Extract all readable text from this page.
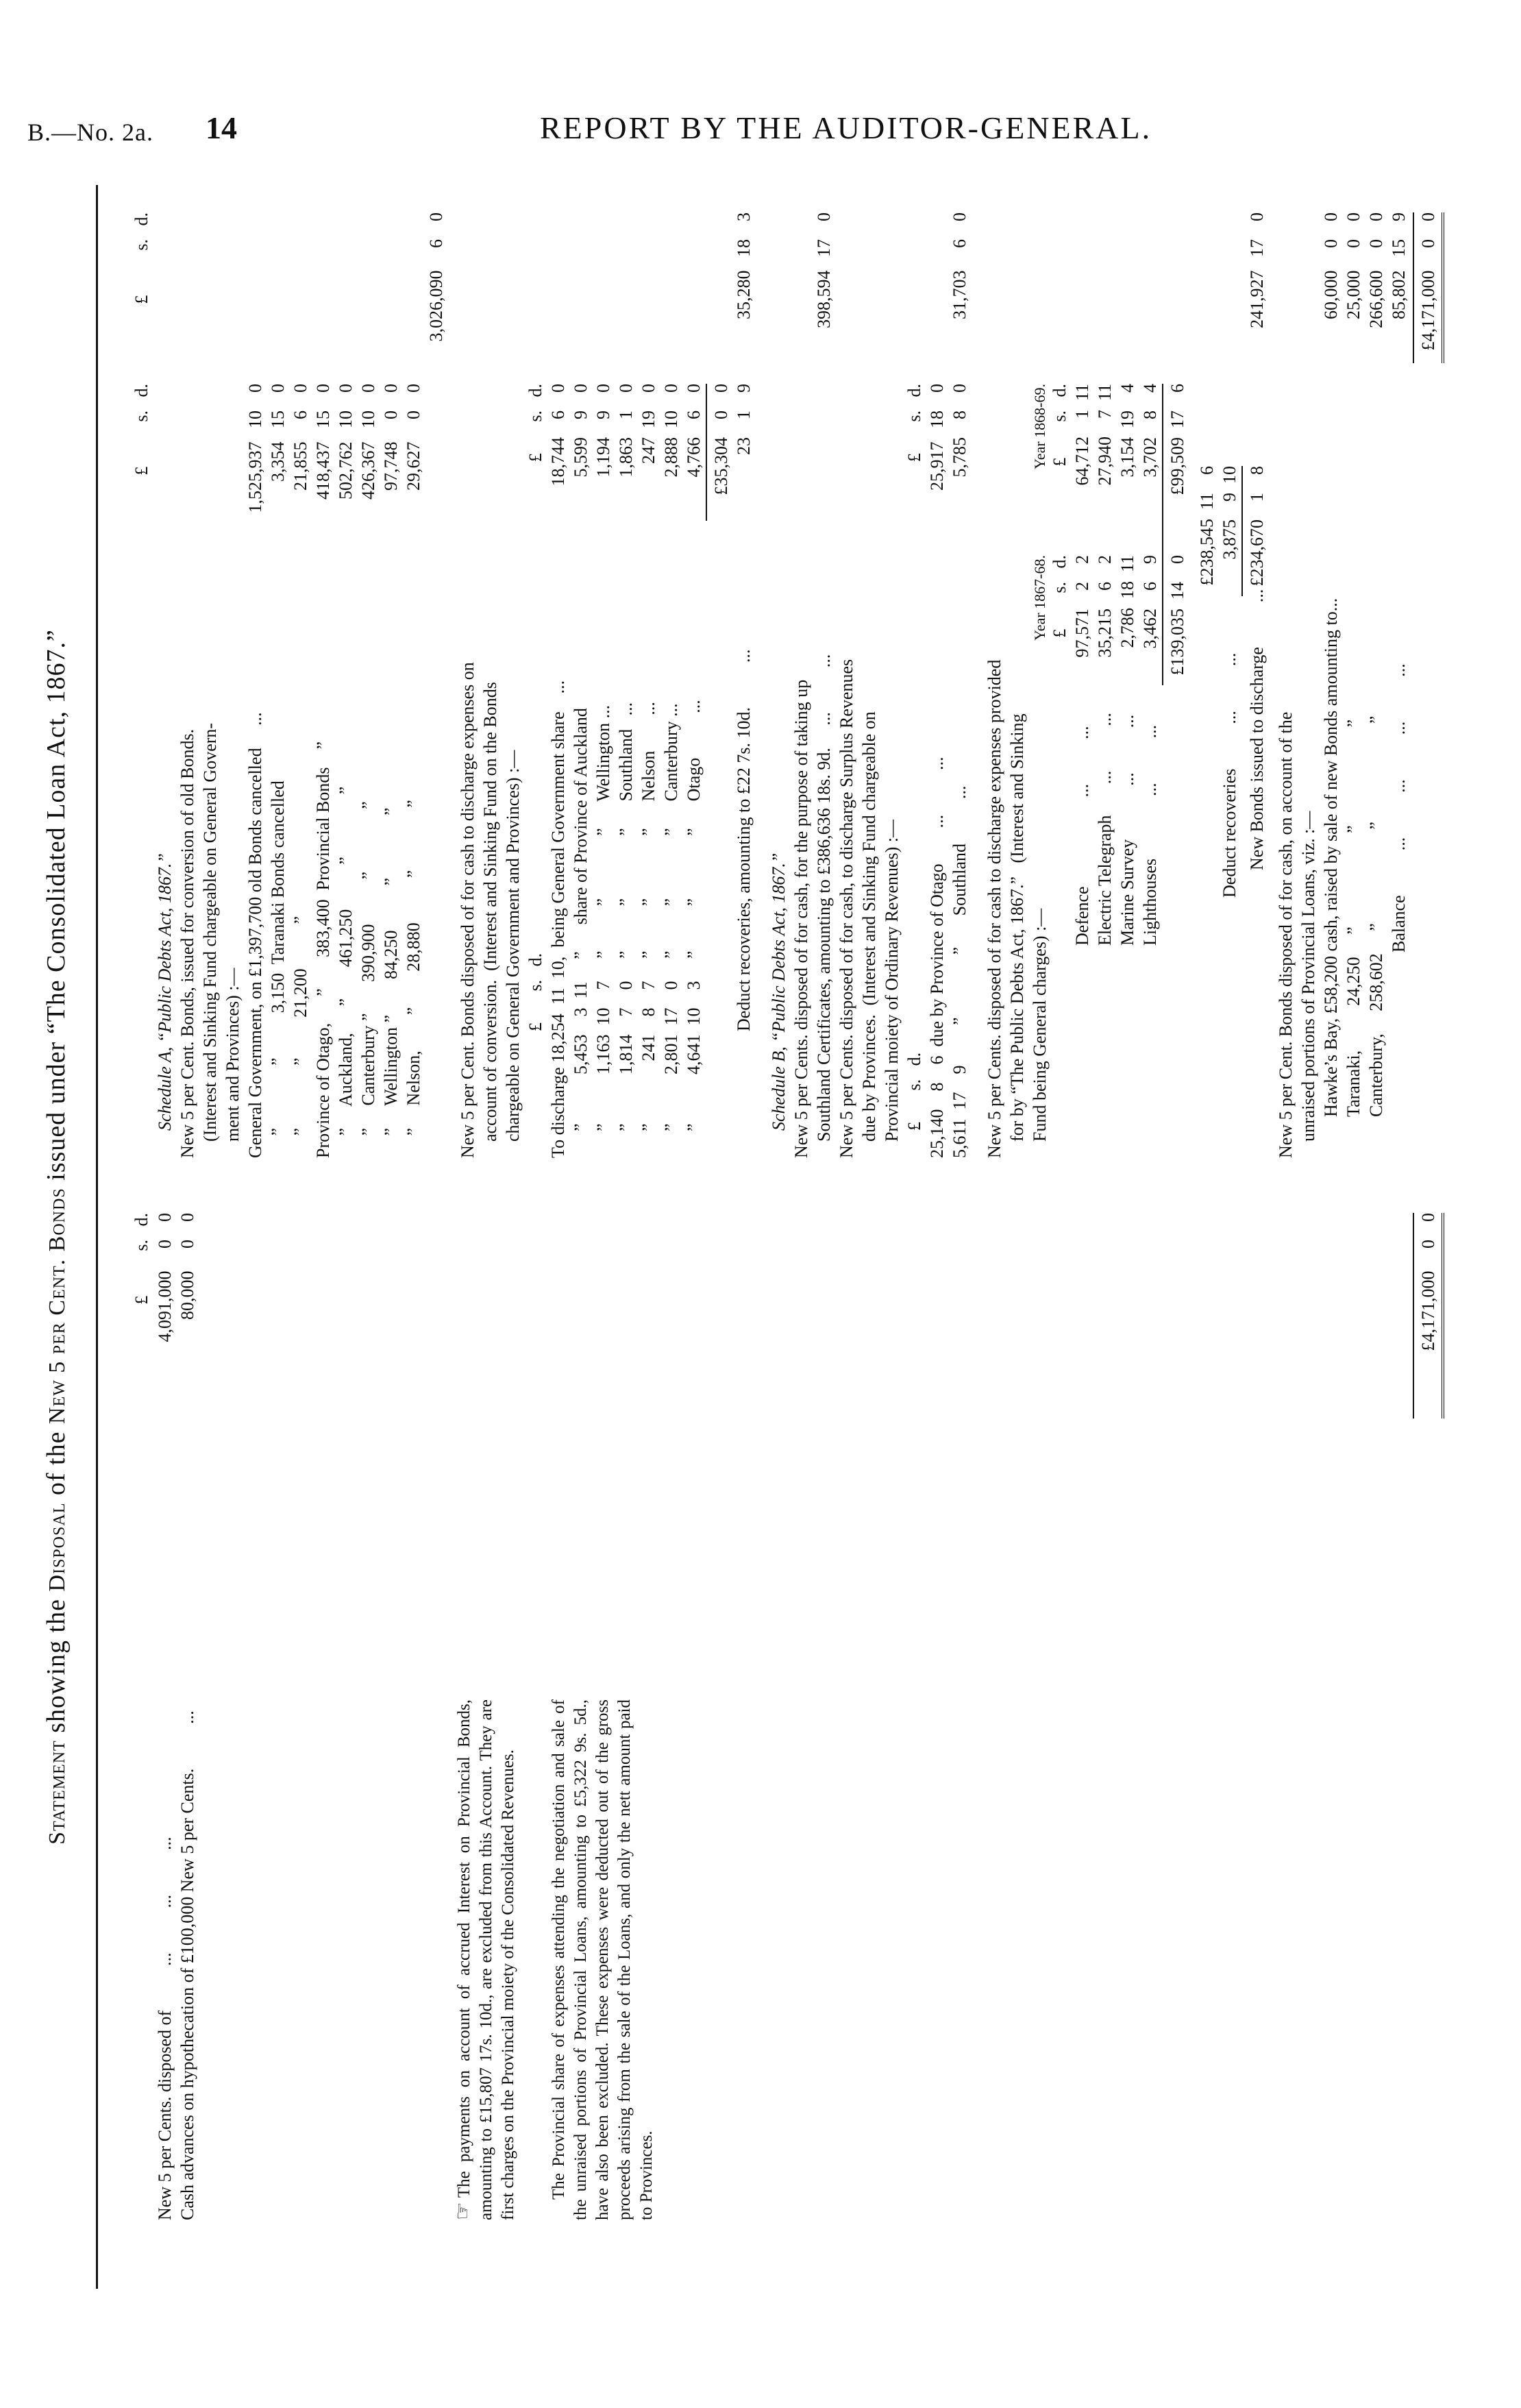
B.—No. 2a. 14	REPORT BY THE AUDITOR-GENERAL.
Statement showing the Disposal of the New 5 per Cent. Bonds issued under “The Consolidated Loan Act, 1867.”
£          s.   d.
New 5 per Cents. disposed of          ...          ...          ...
4,091,000     0    0
Cash advances on hypothecation of £100,000 New 5 per Cents.          ...
80,000     0    0
☞The payments on account of accrued Interest on Provincial Bonds, amounting to £15,807 17s. 10d., are excluded from this Account. They are first charges on the Provincial moiety of the Consolidated Revenues. The Provincial share of expenses attending the negotiation and sale of the unraised portions of Provincial Loans, amounting to £5,322 9s. 5d., have also been excluded. These expenses were deducted out of the gross proceeds arising from the sale of the Loans, and only the nett amount paid to Provinces.
£4,171,000     0    0
£          s.   d.
£          s.   d.
Schedule A, “Public Debts Act, 1867.” New 5 per Cent. Bonds, issued for conversion of old Bonds. (Interest and Sinking Fund chargeable on General Govern- ment and Provinces) :— General Government, on £1,397,700 old Bonds cancelled     ... ”              ”          3,150  Taranaki Bonds cancelled ”              ”         21,200          ” Province of Otago,      ”       383,400  Provincial Bonds    ” ”     Auckland,      ”       461,250          ”              ” ”     Canterbury ”       390,900          ”              ” ”     Wellington ”        84,250          ”              ” ”     Nelson,        ”        28,880          ”              ”
1,525,937   10    0 3,354   15    0 21,855     6    0 418,437   15    0 502,762   10    0 426,367   10    0 97,748     0    0 29,627     0    0
3,026,090     6    0
New 5 per Cent. Bonds disposed of for cash to discharge expenses on account of conversion.  (Interest and Sinking Fund on the Bonds chargeable on General Government and Provinces) :— £       s.   d.
£       s.   d.
To discharge 18,254  11  10,  being General Government share    ... ”           5,453    3  11     ”      share of Province of Auckland ”           1,163  10    7     ”          ”              ”      Wellington ... ”           1,814    7    0     ”          ”              ”      Southland   ... ”              241    8    7     ”          ”              ”      Nelson        ... ”           2,801  17    0     ”          ”              ”      Canterbury ... ”           4,641  10    3     ”          ”              ”      Otago          ...
18,744    6    0 5,599    9    0 1,194    9    0 1,863    1    0 247  19    0 2,888  10    0 4,766    6    0 £35,304    0    0
Deduct recoveries, amounting to £22 7s. 10d.          ...
23    1    9
35,280   18    3
Schedule B, “Public Debts Act, 1867.” New 5 per Cents. disposed of for cash, for the purpose of taking up Southland Certificates, amounting to £386,636 18s. 9d.     ...          ...
398,594   17    0
New 5 per Cents. disposed of for cash, to discharge Surplus Revenues due by Provinces.  (Interest and Sinking Fund chargeable on Provincial moiety of Ordinary Revenues) :— £       s.   d.
£       s.   d.
25,140    8    6  due by Province of Otago        ...          ... 5,611  17    9         ”              ”       Southland          ...
25,917   18    0 5,785    8    0
31,703     6    0
New 5 per Cents. disposed of for cash to discharge expenses provided for by “The Public Debts Act, 1867.”   (Interest and Sinking Fund being General charges) :—
Year 1867-68.
Year 1868-69.
£        s.   d.
£        s.   d.
Defence                    ...          ... Electric Telegraph       ...          ... Marine Survey            ...          ... Lighthouses              ...          ...
97,571    2    2 35,215    6    2 2,786  18  11 3,462    6    9
64,712    1  11 27,940    7  11 3,154  19    4 3,702    8    4
£139,035  14    0
£99,509  17    6
£238,545  11    6
Deduct recoveries          ...          ...
3,875    9  10
New Bonds issued to discharge          ...
£234,670    1    8
241,927   17    0
New 5 per Cent. Bonds disposed of for cash, on account of the unraised portions of Provincial Loans, viz. :— Hawke’s Bay, £58,200 cash, raised by sale of new Bonds amounting to... Taranaki,          24,250     ”                     ”                      ” Canterbury,     258,602     ”                     ”                      ” Balance          ...          ...          ...          ...
60,000     0    0 25,000     0    0 266,600     0    0 85,802   15    9 £4,171,000     0    0
